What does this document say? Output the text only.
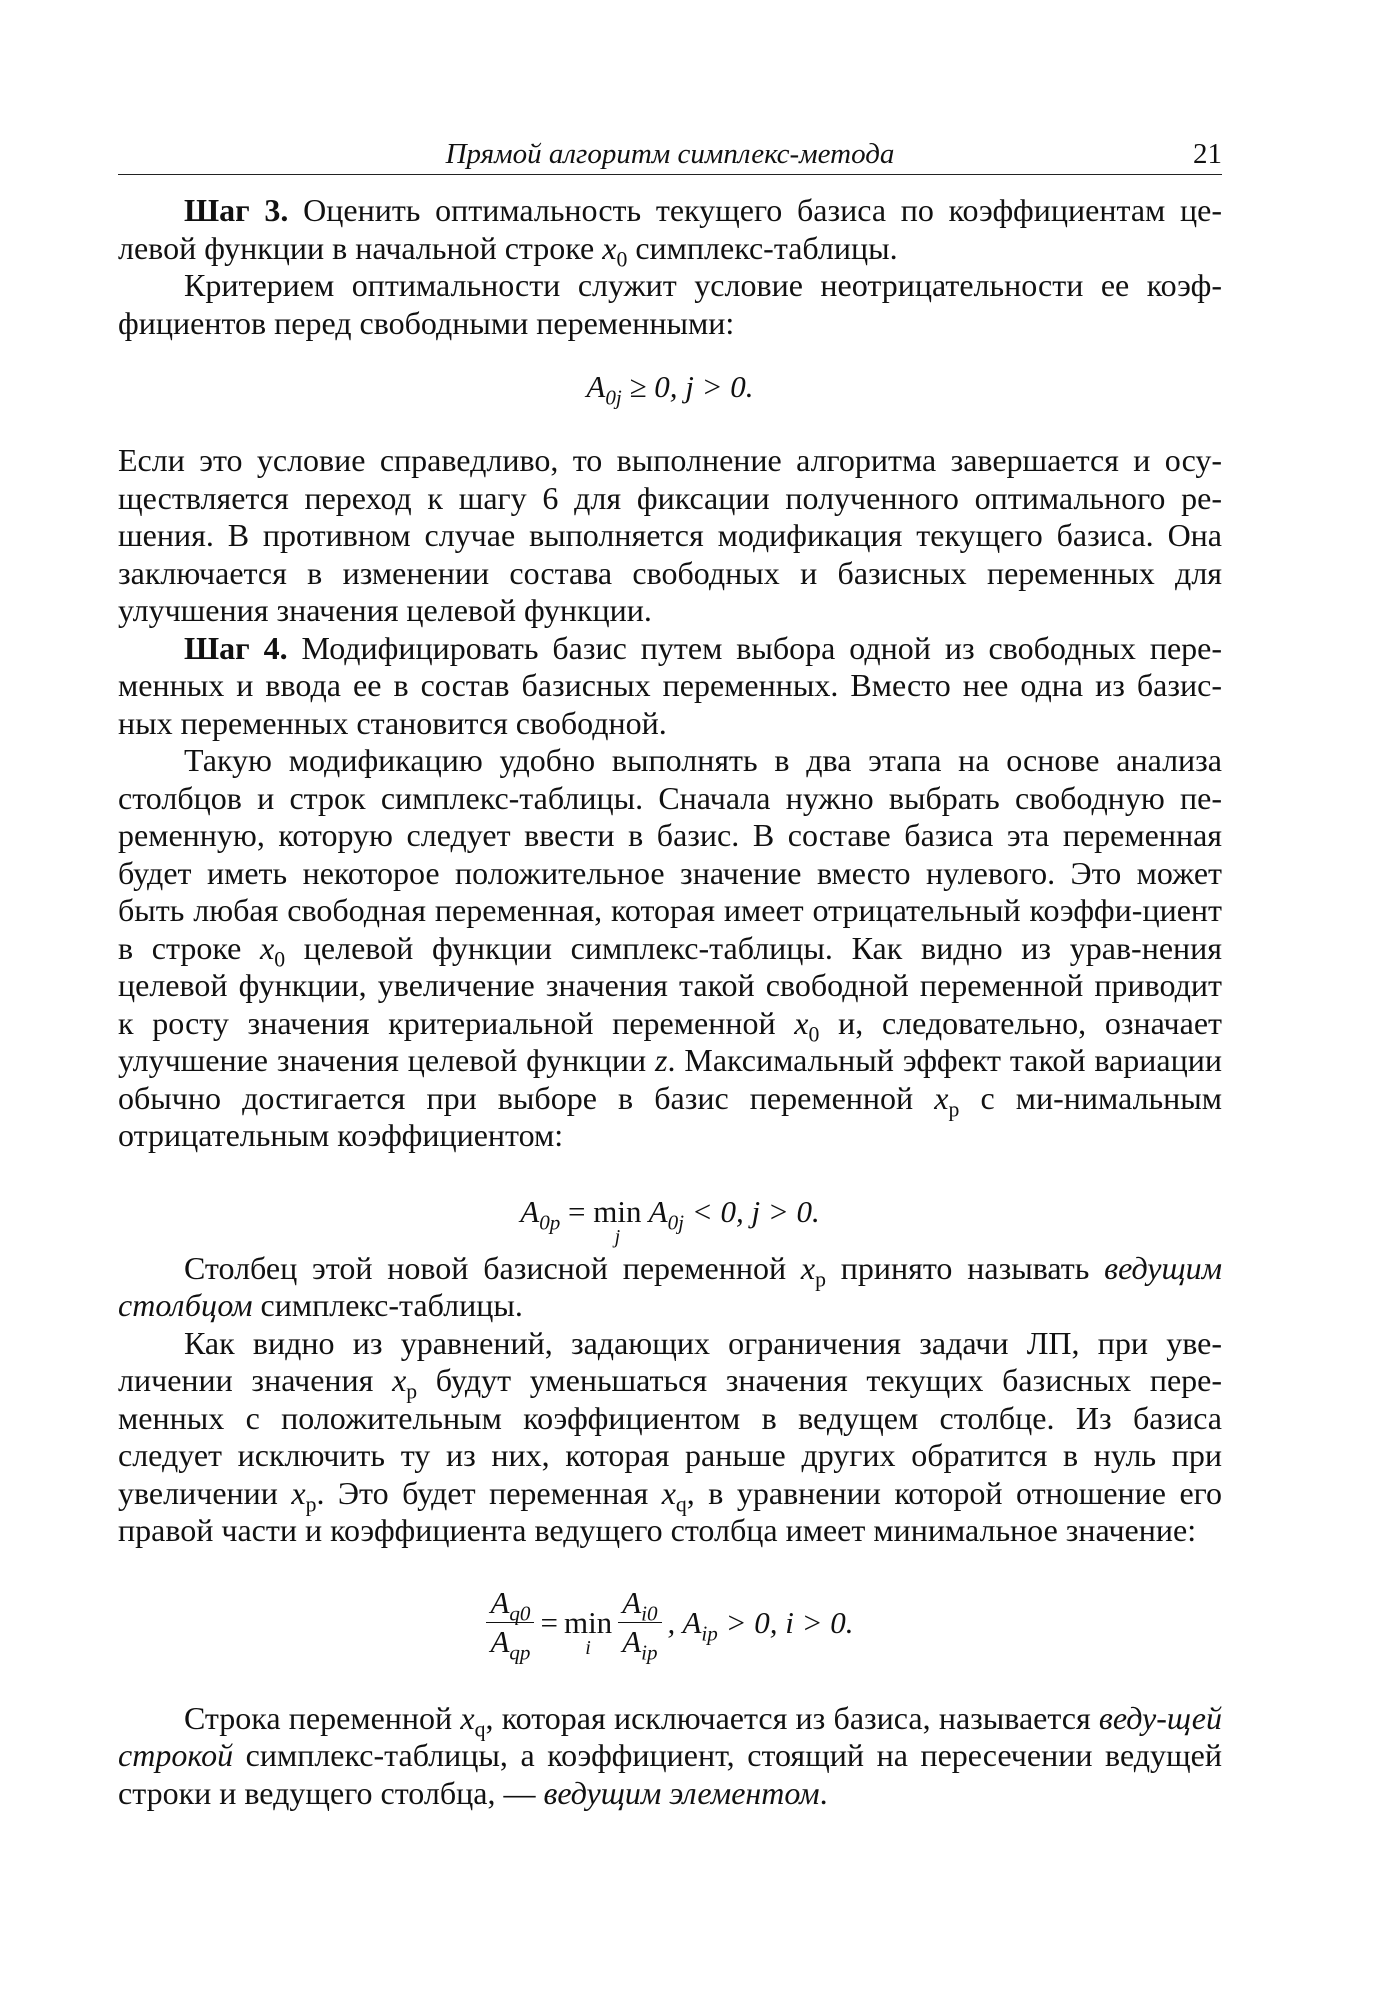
Прямой алгоритм симплекс-метода	21

Шаг 3. Оценить оптимальность текущего базиса по коэффициентам це-левой функции в начальной строке $x_0$ симплекс-таблицы.

Критерием оптимальности служит условие неотрицательности ее коэф-фициентов перед свободными переменными:

$A_{0j} \ge 0$, j > 0.

Если это условие справедливо, то выполнение алгоритма завершается и осу-ществляется переход к шагу 6 для фиксации полученного оптимального ре-шения. В противном случае выполняется модификация текущего базиса. Она заключается в изменении состава свободных и базисных переменных для улучшения значения целевой функции.

Шаг 4. Модифицировать базис путем выбора одной из свободных пере-менных и ввода ее в состав базисных переменных. Вместо нее одна из базис-ных переменных становится свободной.

Такую модификацию удобно выполнять в два этапа на основе анализа столбцов и строк симплекс-таблицы. Сначала нужно выбрать свободную пе-ременную, которую следует ввести в базис. В составе базиса эта переменная будет иметь некоторое положительное значение вместо нулевого. Это может быть любая свободная переменная, которая имеет отрицательный коэффи-циент в строке $x_0$ целевой функции симплекс-таблицы. Как видно из урав-нения целевой функции, увеличение значения такой свободной переменной приводит к росту значения критериальной переменной $x_0$ и, следовательно, означает улучшение значения целевой функции z. Максимальный эффект такой вариации обычно достигается при выборе в базис переменной $x_p$ с ми-нимальным отрицательным коэффициентом:

$A_{0p} = \min$
j
$A_{0j} < 0$, j > 0.

Столбец этой новой базисной переменной $x_p$ принято называть ведущим столбцом симплекс-таблицы.

Как видно из уравнений, задающих ограничения задачи ЛП, при уве-личении значения $x_p$ будут уменьшаться значения текущих базисных пере-менных с положительным коэффициентом в ведущем столбце. Из базиса следует исключить ту из них, которая раньше других обратится в нуль при увеличении $x_p$. Это будет переменная $x_q$, в уравнении которой отношение его правой части и коэффициента ведущего столбца имеет минимальное значение:

$\frac{A_{q0}}{A_{qp}} = \min$
i $\frac{A_{i0}}{A_{ip}}$ , $A_{ip} > 0$, i > 0.

Строка переменной $x_q$, которая исключается из базиса, называется веду-щей строкой симплекс-таблицы, а коэффициент, стоящий на пересечении ведущей строки и ведущего столбца, — ведущим элементом.
